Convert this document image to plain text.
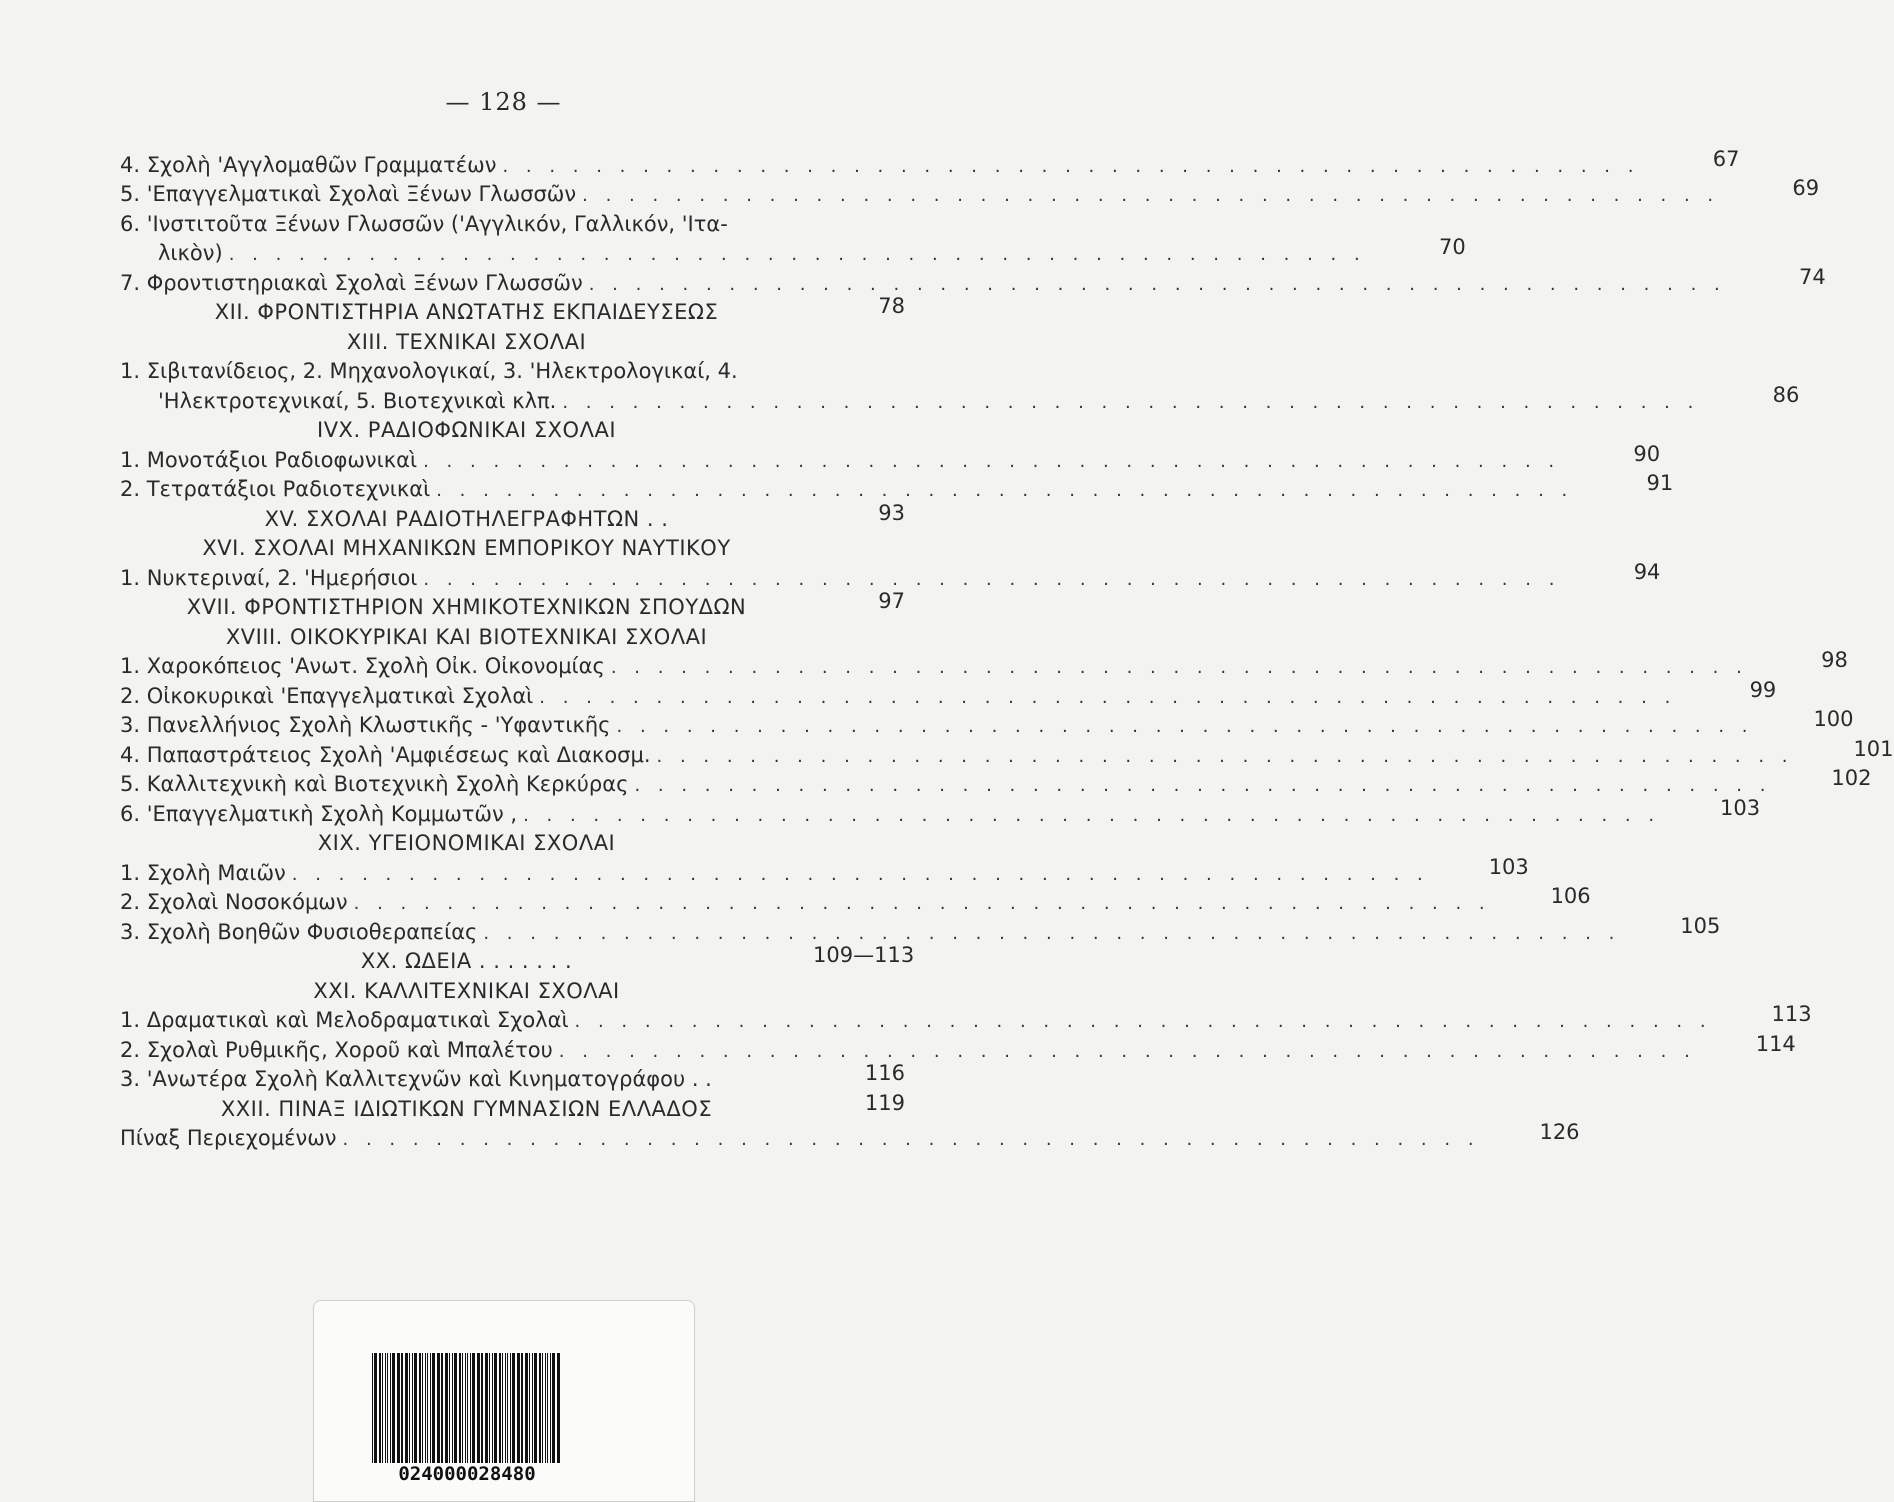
— 128 —
4. Σχολὴ 'Αγγλομαθῶν Γραμματέων . . .	67
5. 'Επαγγελματικαὶ Σχολαὶ Ξένων Γλωσσῶν . . .	69
6. 'Ινστιτοῦτα Ξένων Γλωσσῶν ('Αγγλικόν, Γαλλικόν, 'Ιτα-
λικὸν) . . .	70
7. Φροντιστηριακαὶ Σχολαὶ Ξένων Γλωσσῶν . . .	74
XII. ΦΡΟΝΤΙΣΤΗΡΙΑ ΑΝΩΤΑΤΗΣ ΕΚΠΑΙΔΕΥΣΕΩΣ	78
XIII. ΤΕΧΝΙΚΑΙ ΣΧΟΛΑΙ
1. Σιβιτανίδειος, 2. Μηχανολογικαί, 3. 'Ηλεκτρολογικαί, 4.
'Ηλεκτροτεχνικαί, 5. Βιοτεχνικαὶ κλπ. . . .	86
IVX. ΡΑΔΙΟΦΩΝΙΚΑΙ ΣΧΟΛΑΙ
1. Μονοτάξιοι Ραδιοφωνικαὶ . . .	90
2. Τετρατάξιοι Ραδιοτεχνικαὶ . . .	91
XV. ΣΧΟΛΑΙ ΡΑΔΙΟΤΗΛΕΓΡΑΦΗΤΩΝ . .	93
XVI. ΣΧΟΛΑΙ ΜΗΧΑΝΙΚΩΝ ΕΜΠΟΡΙΚΟΥ ΝΑΥΤΙΚΟΥ
1. Νυκτεριναί, 2. 'Ημερήσιοι . . .	94
XVII. ΦΡΟΝΤΙΣΤΗΡΙΟΝ ΧΗΜΙΚΟΤΕΧΝΙΚΩΝ ΣΠΟΥΔΩΝ	97
XVIII. ΟΙΚΟΚΥΡΙΚΑΙ ΚΑΙ ΒΙΟΤΕΧΝΙΚΑΙ ΣΧΟΛΑΙ
1. Χαροκόπειος 'Ανωτ. Σχολὴ Οἰκ. Οἰκονομίας . . .	98
2. Οἰκοκυρικαὶ 'Επαγγελματικαὶ Σχολαὶ . . .	99
3. Πανελλήνιος Σχολὴ Κλωστικῆς - 'Υφαντικῆς . . .	100
4. Παπαστράτειος Σχολὴ 'Αμφιέσεως καὶ Διακοσμ. . . .	101
5. Καλλιτεχνικὴ καὶ Βιοτεχνικὴ Σχολὴ Κερκύρας . . .	102
6. 'Επαγγελματικὴ Σχολὴ Κομμωτῶν , . . .	103
XIX. ΥΓΕΙΟΝΟΜΙΚΑΙ ΣΧΟΛΑΙ
1. Σχολὴ Μαιῶν . . .	103
2. Σχολαὶ Νοσοκόμων . . .	106
3. Σχολὴ Βοηθῶν Φυσιοθεραπείας . . .	105
XX. ΩΔΕΙΑ . . . . . . .	109—113
XXI. ΚΑΛΛΙΤΕΧΝΙΚΑΙ ΣΧΟΛΑΙ
1. Δραματικαὶ καὶ Μελοδραματικαὶ Σχολαὶ . . .	113
2. Σχολαὶ Ρυθμικῆς, Χοροῦ καὶ Μπαλέτου . . .	114
3. 'Ανωτέρα Σχολὴ Καλλιτεχνῶν καὶ Κινηματογράφου . .	116
XXII. ΠΙΝΑΞ ΙΔΙΩΤΙΚΩΝ ΓΥΜΝΑΣΙΩΝ ΕΛΛΑΔΟΣ	119
Πίναξ Περιεχομένων . . .	126
024000028480
